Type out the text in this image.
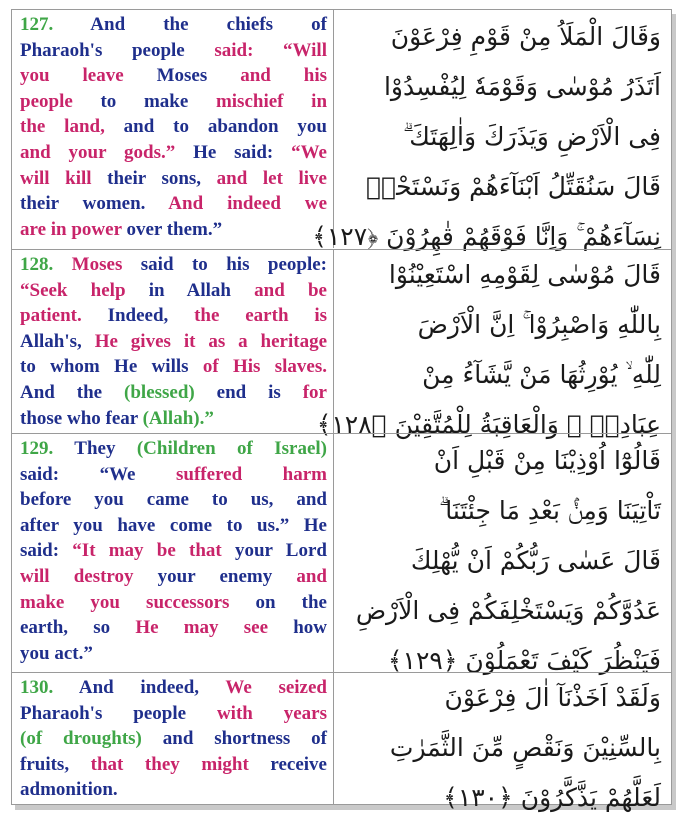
127. And the chiefs of
Pharaoh's people said: “Will
you leave Moses and his
people to make mischief in
the land, and to abandon you
and your gods.” He said: “We
will kill their sons, and let live
their women. And indeed we
are in power over them.”
وَقَالَ الْمَلَاُ مِنْ قَوْمِ فِرْعَوْنَ
اَتَذَرُ مُوْسٰى وَقَوْمَهٗ لِيُفْسِدُوْا
فِى الْاَرْضِ وَيَذَرَكَ وَاٰلِهَتَكَ ۗ
قَالَ سَنُقَتِّلُ اَبْنَآءَهُمْ وَنَسْتَحْيٖ
نِسَآءَهُمْ ۚ وَاِنَّا فَوْقَهُمْ قٰهِرُوْنَ ﴿١٢٧﴾
128. Moses said to his people:
“Seek help in Allah and be
patient. Indeed, the earth is
Allah's, He gives it as a heritage
to whom He wills of His slaves.
And the (blessed) end is for
those who fear (Allah).”
قَالَ مُوْسٰى لِقَوْمِهِ اسْتَعِيْنُوْا
بِاللّٰهِ وَاصْبِرُوْا ۚ اِنَّ الْاَرْضَ
لِلّٰهِ ۙ يُوْرِثُهَا مَنْ يَّشَآءُ مِنْ
عِبَادِهٖ ۗ وَالْعَاقِبَةُ لِلْمُتَّقِيْنَ ﴿١٢٨﴾
129. They (Children of Israel)
said: “We suffered harm
before you came to us, and
after you have come to us.” He
said: “It may be that your Lord
will destroy your enemy and
make you successors on the
earth, so He may see how
you act.”
قَالُوْٓا اُوْذِيْنَا مِنْ قَبْلِ اَنْ
تَاْتِيَنَا وَمِنْۢ بَعْدِ مَا جِئْتَنَا ۗ
قَالَ عَسٰى رَبُّكُمْ اَنْ يُّهْلِكَ
عَدُوَّكُمْ وَيَسْتَخْلِفَكُمْ فِى الْاَرْضِ
فَيَنْظُرَ كَيْفَ تَعْمَلُوْنَ ﴿١٢٩﴾
130. And indeed, We seized
Pharaoh's people with years
(of droughts) and shortness of
fruits, that they might receive
admonition.
وَلَقَدْ اَخَذْنَآ اٰلَ فِرْعَوْنَ
بِالسِّنِيْنَ وَنَقْصٍ مِّنَ الثَّمَرٰتِ
لَعَلَّهُمْ يَذَّكَّرُوْنَ ﴿١٣٠﴾
